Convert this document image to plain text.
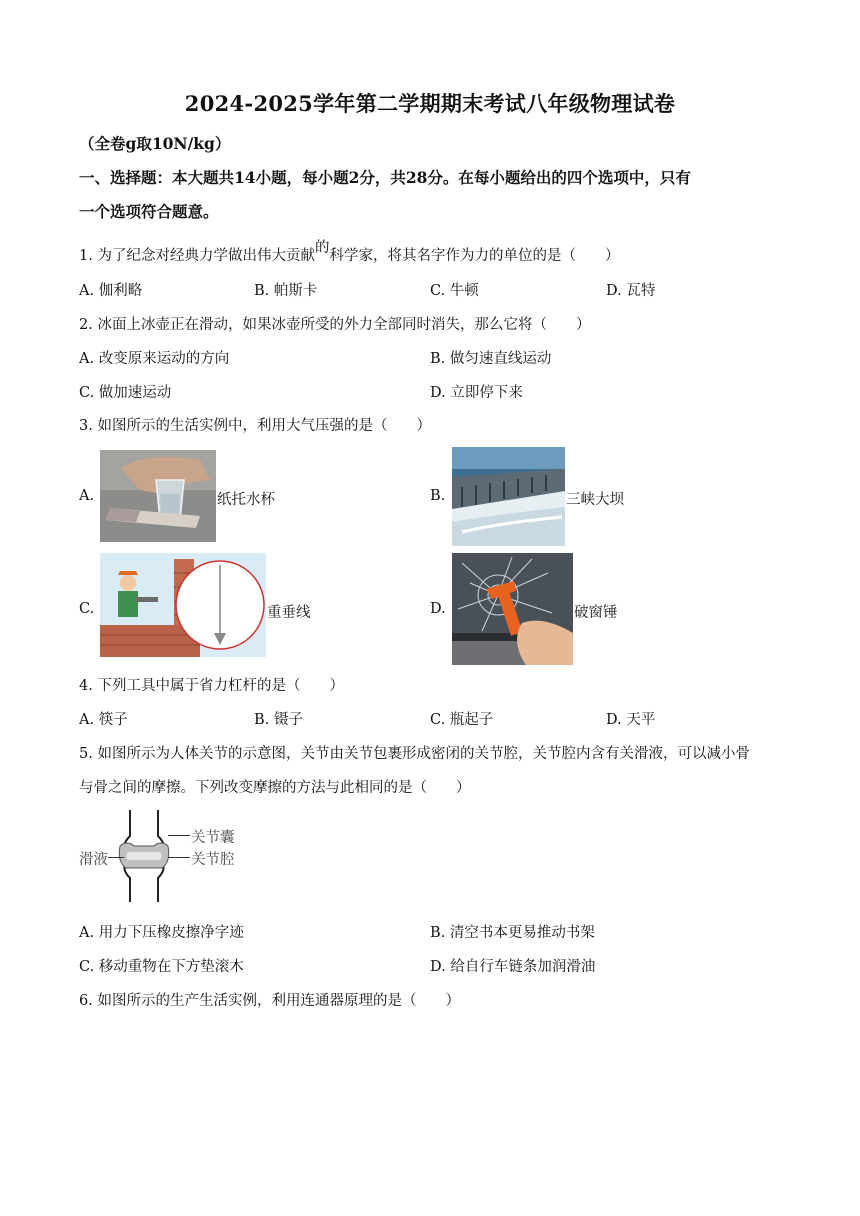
2024-2025学年第二学期期末考试八年级物理试卷
（全卷g取10N/kg）
一、选择题：本大题共14小题，每小题2分，共28分。在每小题给出的四个选项中，只有
一个选项符合题意。
1. 为了纪念对经典力学做出伟大贡献的科学家，将其名字作为力的单位的是（　　）
A. 伽利略	B. 帕斯卡	C. 牛顿	D. 瓦特
2. 冰面上冰壶正在滑动，如果冰壶所受的外力全部同时消失，那么它将（　　）
A. 改变原来运动的方向	B. 做匀速直线运动
C. 做加速运动	D. 立即停下来
3. 如图所示的生活实例中，利用大气压强的是（　　）
A.	纸托水杯	B.	三峡大坝
C.	重垂线	D.	破窗锤
4. 下列工具中属于省力杠杆的是（　　）
A. 筷子	B. 镊子	C. 瓶起子	D. 天平
5. 如图所示为人体关节的示意图，关节由关节包裹形成密闭的关节腔，关节腔内含有关滑液，可以减小骨
与骨之间的摩擦。下列改变摩擦的方法与此相同的是（　　）
滑液
关节囊
关节腔
A. 用力下压橡皮擦净字迹	B. 清空书本更易推动书架
C. 移动重物在下方垫滚木	D. 给自行车链条加润滑油
6. 如图所示的生产生活实例，利用连通器原理的是（　　）
